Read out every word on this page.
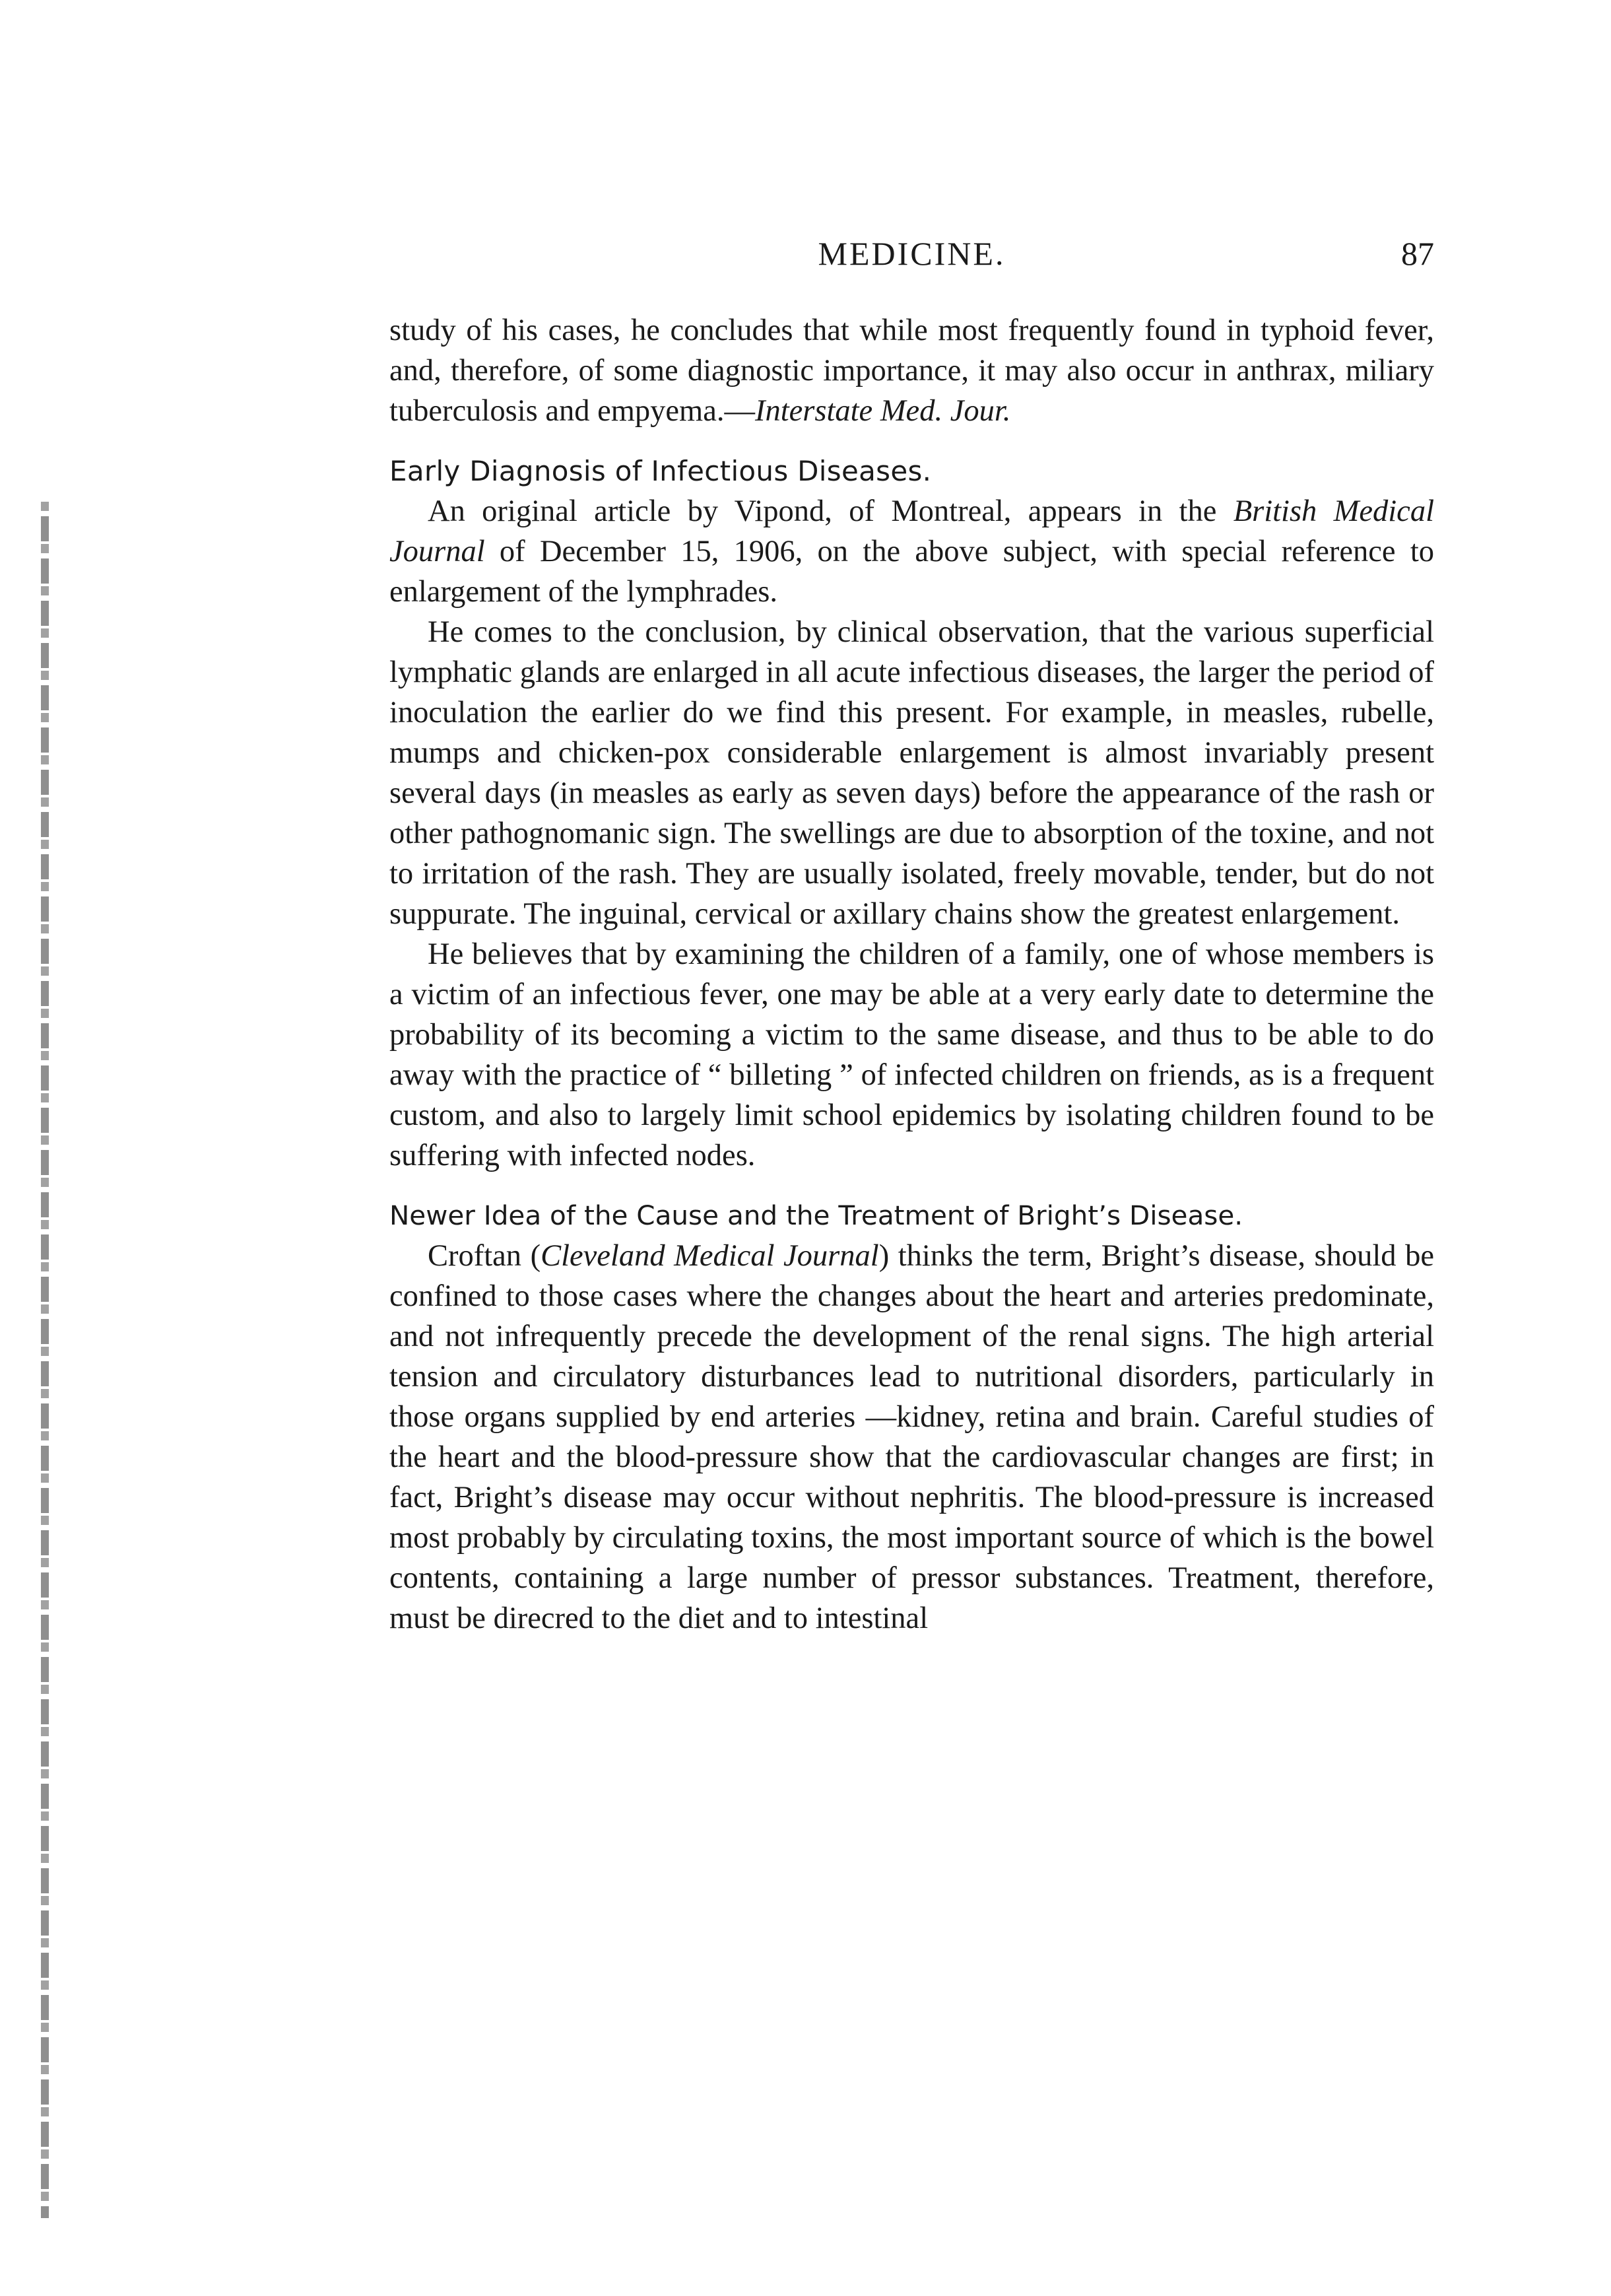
MEDICINE.	87

study of his cases, he concludes that while most frequently found in typhoid fever, and, therefore, of some diagnostic importance, it may also occur in anthrax, miliary tuberculosis and empyema.—Interstate Med. Jour.

Early Diagnosis of Infectious Diseases.

An original article by Vipond, of Montreal, appears in the British Medical Journal of December 15, 1906, on the above subject, with special reference to enlargement of the lymphrades.

He comes to the conclusion, by clinical observation, that the various superficial lymphatic glands are enlarged in all acute infectious diseases, the larger the period of inoculation the earlier do we find this present. For example, in measles, rubelle, mumps and chicken-pox considerable enlargement is almost invariably present several days (in measles as early as seven days) before the appearance of the rash or other pathognomanic sign. The swellings are due to absorption of the toxine, and not to irritation of the rash. They are usually isolated, freely movable, tender, but do not suppurate. The inguinal, cervical or axillary chains show the greatest enlargement.

He believes that by examining the children of a family, one of whose members is a victim of an infectious fever, one may be able at a very early date to determine the probability of its becoming a victim to the same disease, and thus to be able to do away with the practice of “ billeting ” of infected children on friends, as is a frequent custom, and also to largely limit school epidemics by isolating children found to be suffering with infected nodes.

Newer Idea of the Cause and the Treatment of Bright’s Disease.

Croftan (Cleveland Medical Journal) thinks the term, Bright’s disease, should be confined to those cases where the changes about the heart and arteries predominate, and not infrequently precede the development of the renal signs. The high arterial tension and circulatory disturbances lead to nutritional disorders, particularly in those organs supplied by end arteries —kidney, retina and brain. Careful studies of the heart and the blood-pressure show that the cardiovascular changes are first; in fact, Bright’s disease may occur without nephritis. The blood-pressure is increased most probably by circulating toxins, the most important source of which is the bowel contents, containing a large number of pressor substances. Treatment, therefore, must be direcred to the diet and to intestinal
